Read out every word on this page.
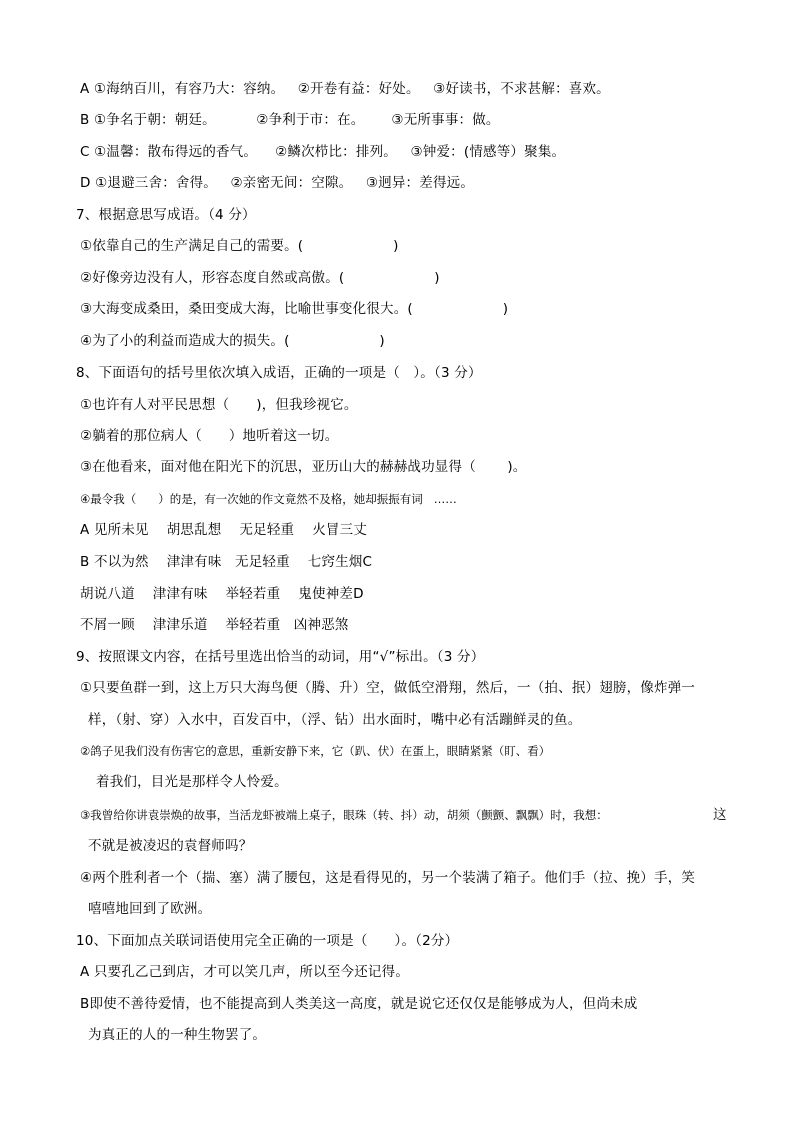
A ①海纳百川，有容乃大：容纳。   ②开卷有益：好处。   ③好读书，不求甚解：喜欢。
B ①争名于朝：朝廷。         ②争利于市：在。      ③无所事事：做。
C ①温馨：散布得远的香气。    ②鳞次栉比：排列。   ③钟爱：(情感等）聚集。
D ①退避三舍：舍得。   ②亲密无间：空隙。   ③迥异：差得远。
7、根据意思写成语。（4 分）
①依靠自己的生产满足自己的需要。(                    )
②好像旁边没有人，形容态度自然或高傲。(                    )
③大海变成桑田，桑田变成大海，比喻世事变化很大。(                    )
④为了小的利益而造成大的损失。(                    )
8、下面语句的括号里依次填入成语，正确的一项是（   ）。（3 分）
①也许有人对平民思想（      )，但我珍视它。
②躺着的那位病人（      ）地听着这一切。
③在他看来，面对他在阳光下的沉思，亚历山大的赫赫战功显得（       )。
④最令我（      ）的是，有一次她的作文竟然不及格，她却振振有词   ……
A 见所未见    胡思乱想    无足轻重    火冒三丈
B 不以为然    津津有味   无足轻重    七窍生烟C
胡说八道    津津有味    举轻若重    鬼使神差D
不屑一顾    津津乐道    举轻若重   凶神恶煞
9、按照课文内容，在括号里选出恰当的动词，用“√”标出。（3 分）
①只要鱼群一到，这上万只大海鸟便（腾、升）空，做低空滑翔，然后，一（拍、抿）翅膀，像炸弹一
样，（射、穿）入水中，百发百中，（浮、钻）出水面时，嘴中必有活蹦鲜灵的鱼。
②鸽子见我们没有伤害它的意思，重新安静下来，它（趴、伏）在蛋上，眼睛紧紧（盯、看）
着我们，目光是那样令人怜爱。
③我曾给你讲袁崇焕的故事，当活龙虾被端上桌子，眼珠（转、抖）动，胡须（颤颤、飘飘）时，我想：	这
不就是被凌迟的袁督师吗？
④两个胜利者一个（揣、塞）满了腰包，这是看得见的，另一个装满了箱子。他们手（拉、挽）手，笑
嘻嘻地回到了欧洲。
10、下面加点关联词语使用完全正确的一项是（      ）。（2分）
A 只要孔乙己到店，才可以笑几声，所以至今还记得。
B即使不善待爱情，也不能提高到人类美这一高度，就是说它还仅仅是能够成为人，但尚未成
为真正的人的一种生物罢了。
